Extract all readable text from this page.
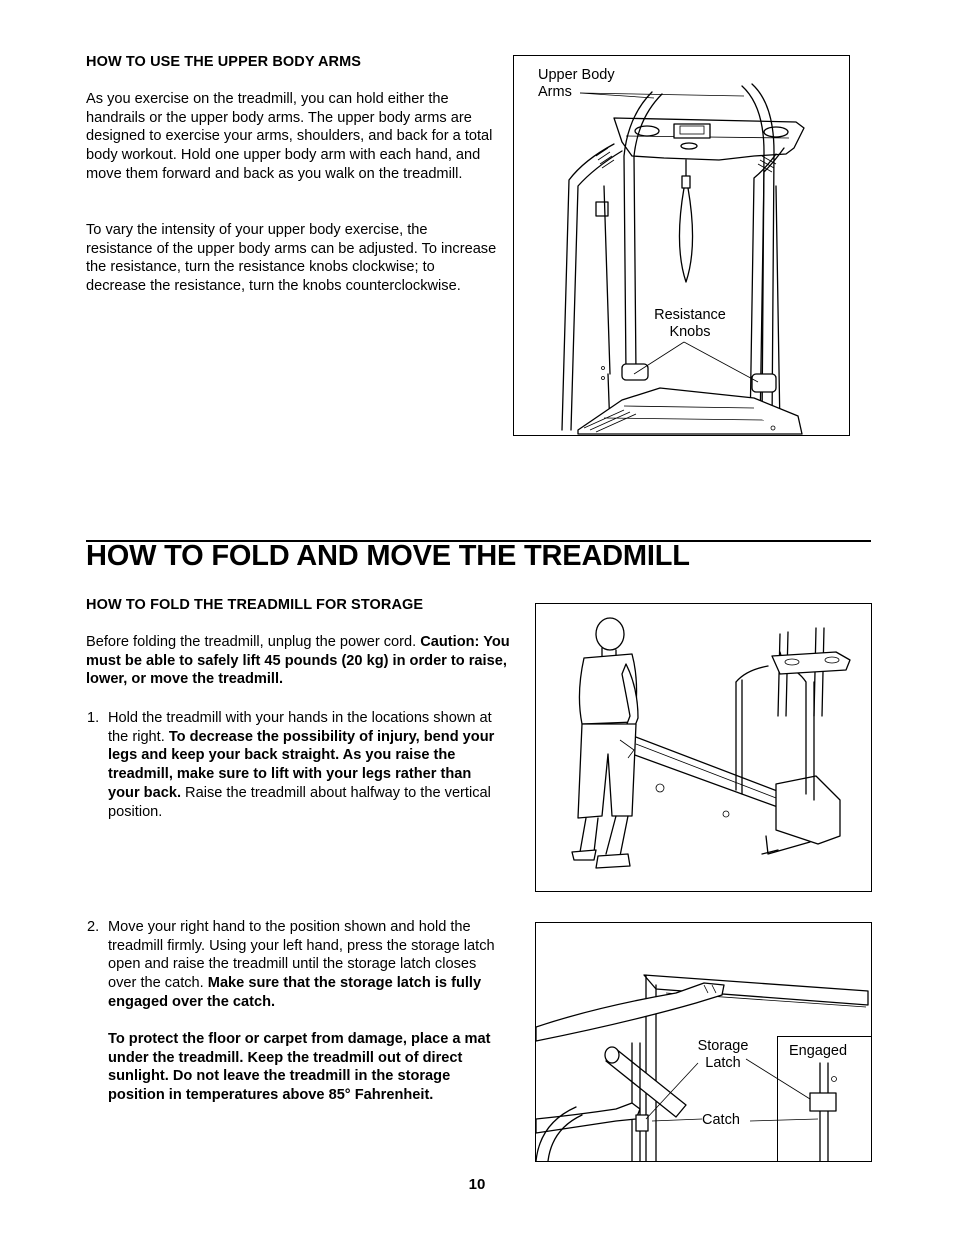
HOW TO USE THE UPPER BODY ARMS
As you exercise on the treadmill, you can hold either the handrails or the upper body arms. The upper body arms are designed to exercise your arms, shoulders, and back for a total body workout. Hold one upper body arm with each hand, and move them forward and back as you walk on the treadmill.
To vary the intensity of your upper body exercise, the resistance of the upper body arms can be adjusted. To increase the resistance, turn the resistance knobs clockwise; to decrease the resistance, turn the knobs counterclockwise.
Upper Body
Arms
Resistance
Knobs
HOW TO FOLD AND MOVE THE TREADMILL
HOW TO FOLD THE TREADMILL FOR STORAGE
Before folding the treadmill, unplug the power cord. Caution: You must be able to safely lift 45 pounds (20 kg) in order to raise, lower, or move the treadmill.
1. Hold the treadmill with your hands in the locations shown at the right. To decrease the possibility of injury, bend your legs and keep your back straight. As you raise the treadmill, make sure to lift with your legs rather than your back. Raise the treadmill about halfway to the vertical position.
2. Move your right hand to the position shown and hold the treadmill firmly. Using your left hand, press the storage latch open and raise the treadmill until the storage latch closes over the catch. Make sure that the storage latch is fully engaged over the catch.
To protect the floor or carpet from damage, place a mat under the treadmill. Keep the treadmill out of direct sunlight. Do not leave the treadmill in the storage position in temperatures above 85° Fahrenheit.
Storage
Latch
Catch
Engaged
10
